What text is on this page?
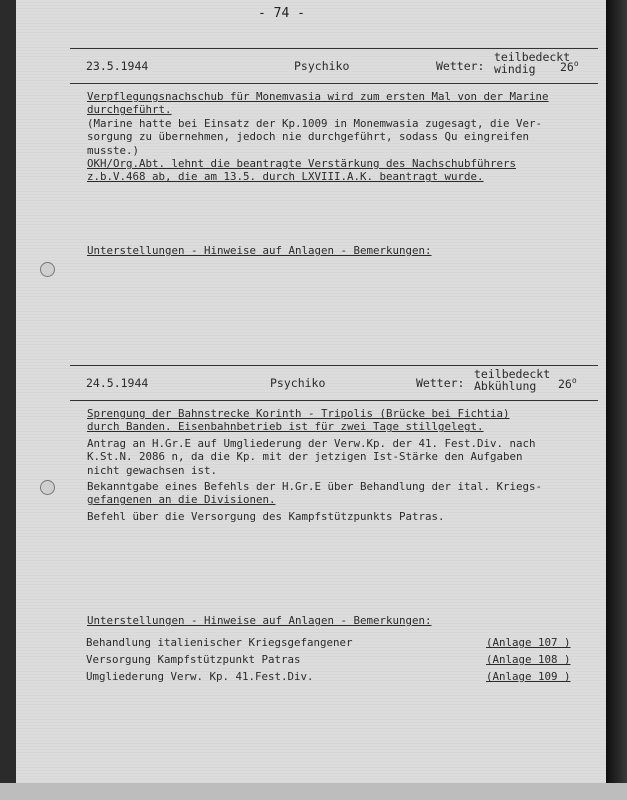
- 74 -
23.5.1944	Psychiko	Wetter:
teilbedeckt
windig	26$^o$

Verpflegungsnachschub für Monemvasia wird zum ersten Mal von der Marine

durchgeführt.

(Marine hatte bei Einsatz der Kp.1009 in Monemwasia zugesagt, die Ver-

sorgung zu übernehmen, jedoch nie durchgeführt, sodass Qu eingreifen

musste.)

OKH/Org.Abt. lehnt die beantragte Verstärkung des Nachschubführers

z.b.V.468 ab, die am 13.5. durch LXVIII.A.K. beantragt wurde.

Unterstellungen - Hinweise auf Anlagen - Bemerkungen:

24.5.1944	Psychiko	Wetter:
teilbedeckt
Abkühlung	26$^o$

Sprengung der Bahnstrecke Korinth - Tripolis (Brücke bei Fichtia)

durch Banden. Eisenbahnbetrieb ist für zwei Tage stillgelegt.

Antrag an H.Gr.E auf Umgliederung der Verw.Kp. der 41. Fest.Div. nach

K.St.N. 2086 n, da die Kp. mit der jetzigen Ist-Stärke den Aufgaben

nicht gewachsen ist.

Bekanntgabe eines Befehls der H.Gr.E über Behandlung der ital. Kriegs-

gefangenen an die Divisionen.

Befehl über die Versorgung des Kampfstützpunkts Patras.

Unterstellungen - Hinweise auf Anlagen - Bemerkungen:

Behandlung italienischer Kriegsgefangener	(Anlage 107 )
Versorgung Kampfstützpunkt Patras	(Anlage 108 )
Umgliederung Verw. Kp. 41.Fest.Div.	(Anlage 109 )
